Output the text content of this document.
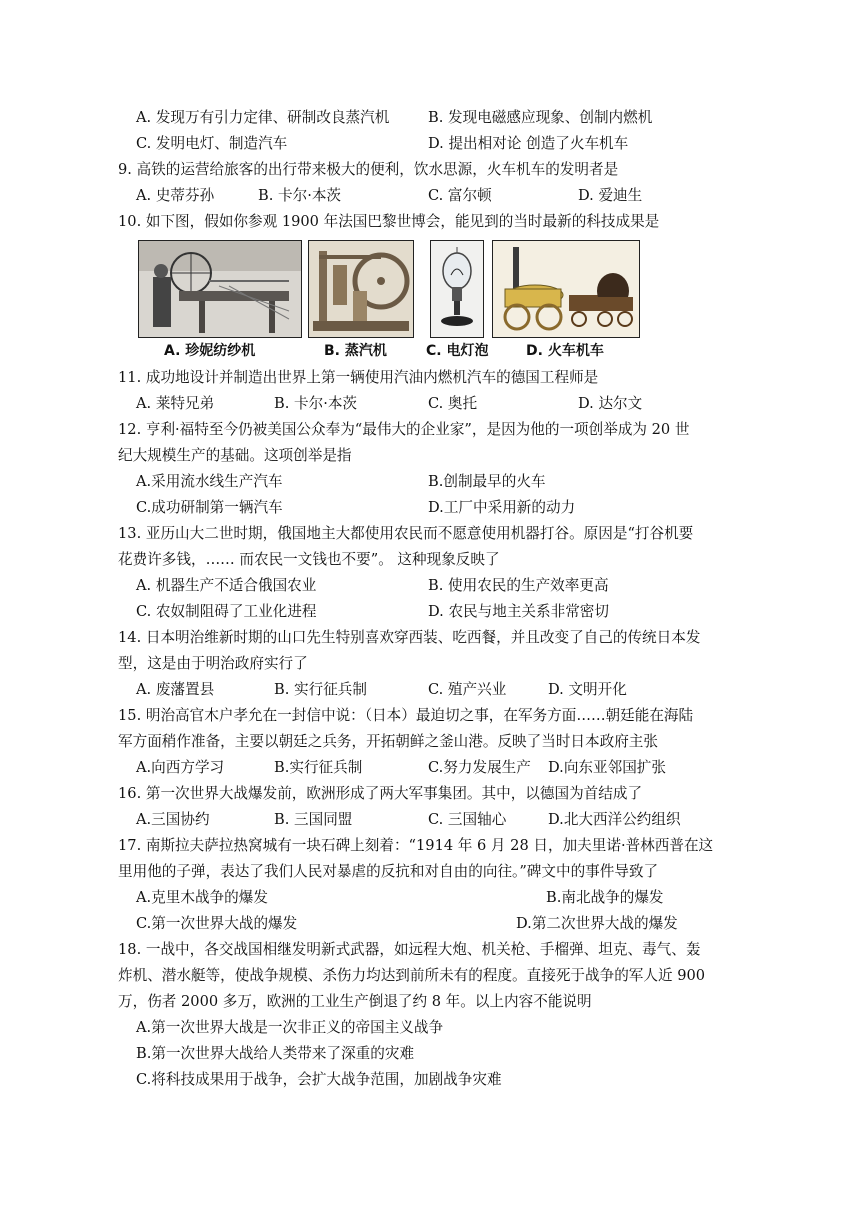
A. 发现万有引力定律、研制改良蒸汽机	B. 发现电磁感应现象、创制内燃机
C. 发明电灯、制造汽车	D. 提出相对论 创造了火车机车
9. 高铁的运营给旅客的出行带来极大的便利，饮水思源，火车机车的发明者是
A. 史蒂芬孙	B. 卡尔·本茨	C. 富尔顿	D. 爱迪生
10. 如下图，假如你参观 1900 年法国巴黎世博会，能见到的当时最新的科技成果是
A. 珍妮纺纱机	B. 蒸汽机	C. 电灯泡	D. 火车机车
11. 成功地设计并制造出世界上第一辆使用汽油内燃机汽车的德国工程师是
A. 莱特兄弟	B. 卡尔·本茨	C. 奥托	D. 达尔文
12. 亨利·福特至今仍被美国公众奉为“最伟大的企业家”，是因为他的一项创举成为 20 世
纪大规模生产的基础。这项创举是指
A.采用流水线生产汽车	B.创制最早的火车
C.成功研制第一辆汽车	D.工厂中采用新的动力
13. 亚历山大二世时期，俄国地主大都使用农民而不愿意使用机器打谷。原因是“打谷机要
花费许多钱，…… 而农民一文钱也不要”。 这种现象反映了
A. 机器生产不适合俄国农业	B. 使用农民的生产效率更高
C. 农奴制阻碍了工业化进程	D. 农民与地主关系非常密切
14. 日本明治维新时期的山口先生特别喜欢穿西装、吃西餐，并且改变了自己的传统日本发
型，这是由于明治政府实行了
A. 废藩置县	B. 实行征兵制	C. 殖产兴业	D. 文明开化
15. 明治高官木户孝允在一封信中说：（日本）最迫切之事，在军务方面……朝廷能在海陆
军方面稍作准备，主要以朝廷之兵务，开拓朝鲜之釜山港。反映了当时日本政府主张
A.向西方学习	B.实行征兵制	C.努力发展生产 D.向东亚邻国扩张
16. 第一次世界大战爆发前，欧洲形成了两大军事集团。其中，以德国为首结成了
A.三国协约	B. 三国同盟	C. 三国轴心	D.北大西洋公约组织
17. 南斯拉夫萨拉热窝城有一块石碑上刻着：“1914 年 6 月 28 日，加夫里诺·普林西普在这
里用他的子弹，表达了我们人民对暴虐的反抗和对自由的向往。”碑文中的事件导致了
A.克里木战争的爆发	B.南北战争的爆发
C.第一次世界大战的爆发	D.第二次世界大战的爆发
18. 一战中，各交战国相继发明新式武器，如远程大炮、机关枪、手榴弹、坦克、毒气、轰
炸机、潜水艇等，使战争规模、杀伤力均达到前所未有的程度。直接死于战争的军人近 900
万，伤者 2000 多万，欧洲的工业生产倒退了约 8 年。以上内容不能说明
A.第一次世界大战是一次非正义的帝国主义战争
B.第一次世界大战给人类带来了深重的灾难
C.将科技成果用于战争，会扩大战争范围，加剧战争灾难
